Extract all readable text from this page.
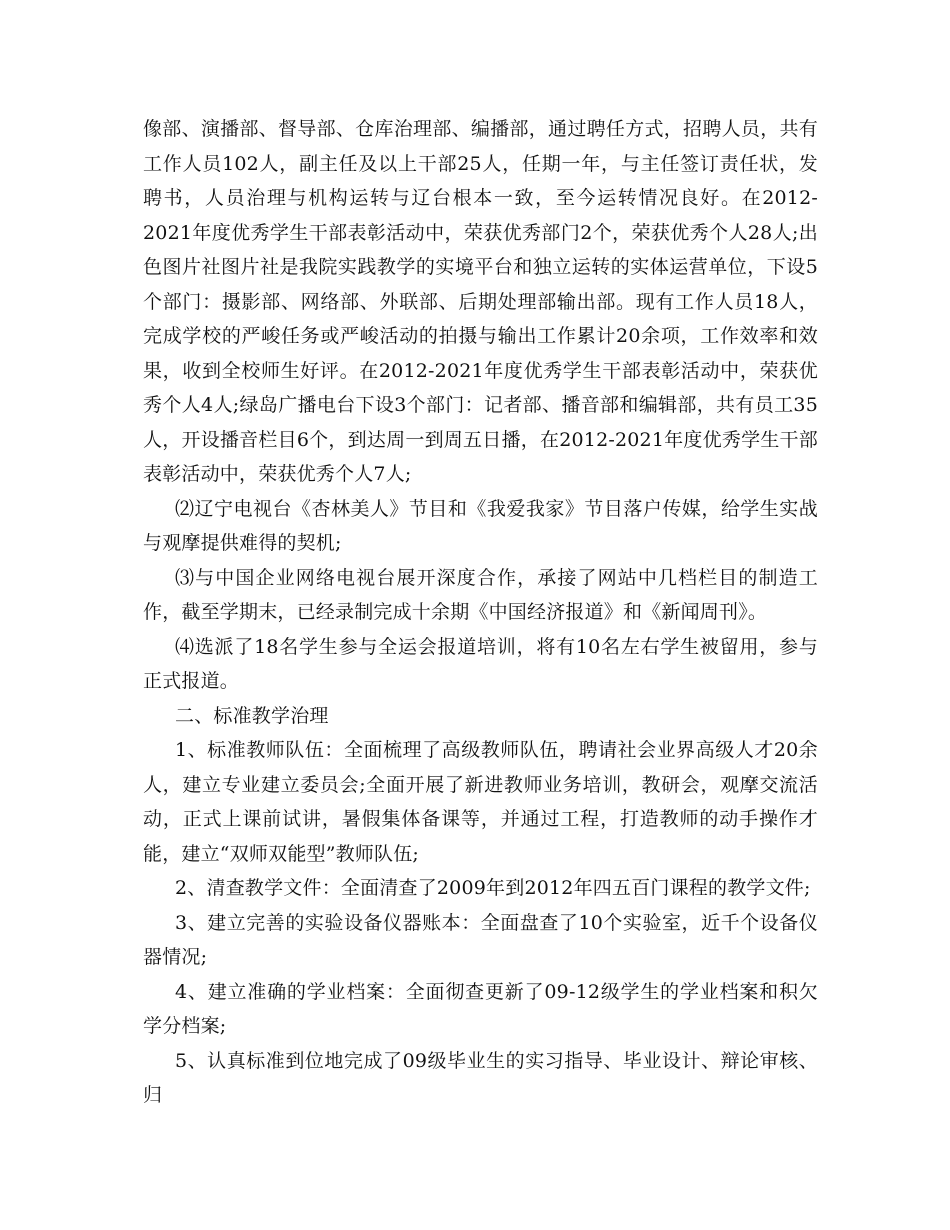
像部、演播部、督导部、仓库治理部、编播部，通过聘任方式，招聘人员，共有工作人员102人，副主任及以上干部25人，任期一年，与主任签订责任状，发聘书，人员治理与机构运转与辽台根本一致，至今运转情况良好。在2012-2021年度优秀学生干部表彰活动中，荣获优秀部门2个，荣获优秀个人28人;出色图片社图片社是我院实践教学的实境平台和独立运转的实体运营单位，下设5个部门：摄影部、网络部、外联部、后期处理部输出部。现有工作人员18人，完成学校的严峻任务或严峻活动的拍摄与输出工作累计20余项，工作效率和效果，收到全校师生好评。在2012-2021年度优秀学生干部表彰活动中，荣获优秀个人4人;绿岛广播电台下设3个部门：记者部、播音部和编辑部，共有员工35人，开设播音栏目6个，到达周一到周五日播，在2012-2021年度优秀学生干部表彰活动中，荣获优秀个人7人;

⑵辽宁电视台《杏林美人》节目和《我爱我家》节目落户传媒，给学生实战与观摩提供难得的契机;

⑶与中国企业网络电视台展开深度合作，承接了网站中几档栏目的制造工作，截至学期末，已经录制完成十余期《中国经济报道》和《新闻周刊》。

⑷选派了18名学生参与全运会报道培训，将有10名左右学生被留用，参与正式报道。

二、标准教学治理

1、标准教师队伍：全面梳理了高级教师队伍，聘请社会业界高级人才20余人，建立专业建立委员会;全面开展了新进教师业务培训，教研会，观摩交流活动，正式上课前试讲，暑假集体备课等，并通过工程，打造教师的动手操作才能，建立“双师双能型”教师队伍;

2、清查教学文件：全面清查了2009年到2012年四五百门课程的教学文件;

3、建立完善的实验设备仪器账本：全面盘查了10个实验室，近千个设备仪器情况;

4、建立准确的学业档案：全面彻查更新了09-12级学生的学业档案和积欠学分档案;

5、认真标准到位地完成了09级毕业生的实习指导、毕业设计、辩论审核、归
